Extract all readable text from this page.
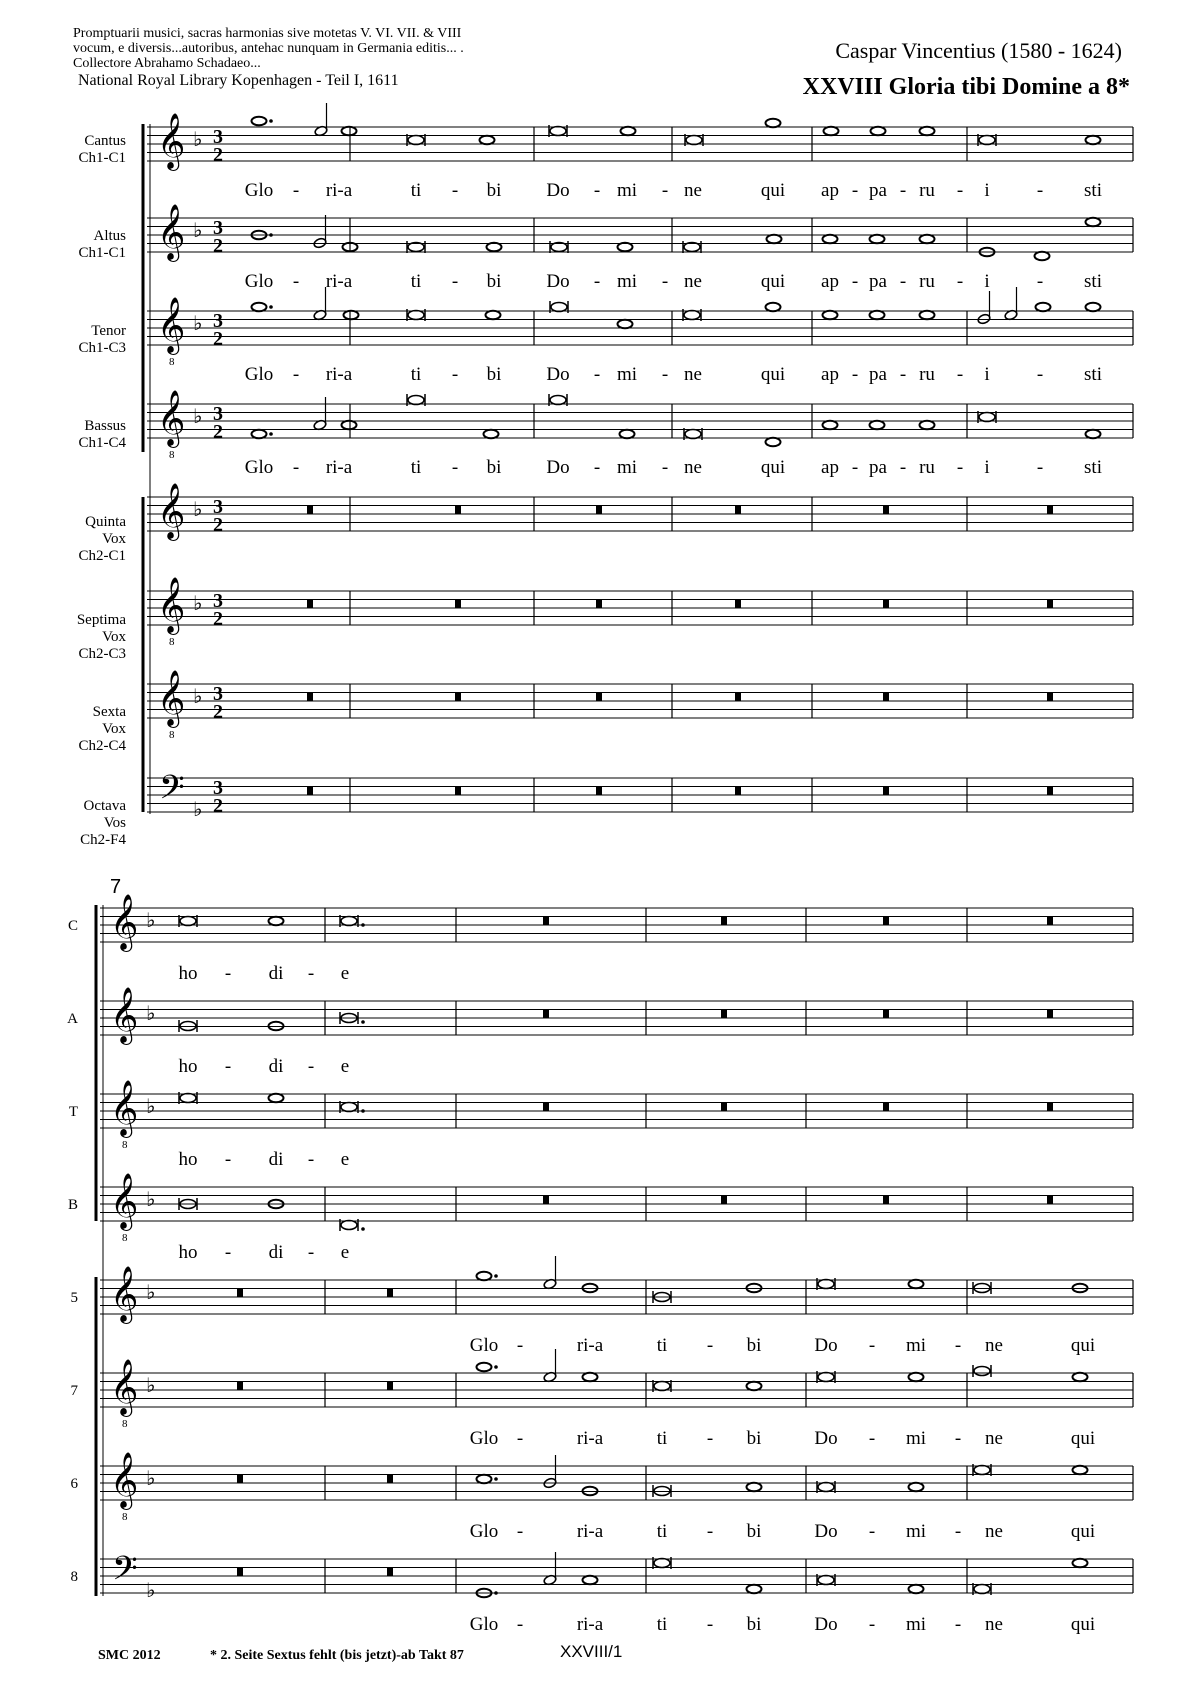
Promptuarii musici, sacras harmonias sive motetas V. VI. VII. & VIII
vocum, e diversis...autoribus, antehac nunquam in Germania editis... .
Collectore Abrahamo Schadaeo...
National Royal Library Kopenhagen - Teil I, 1611
Caspar Vincentius (1580 - 1624)
XXVIII Gloria tibi Domine a 8*
Cantus
Ch1-C1
Altus
Ch1-C1
Tenor
Ch1-C3
Bassus
Ch1-C4
Quinta
Vox
Ch2-C1
Septima
Vox
Ch2-C3
Sexta
Vox
Ch2-C4
Octava
Vos
Ch2-F4
C
A
T
B
5
7
6
8
𝄞 ♭ 3
2
𝄞 ♭ 3
2
𝄞
8
♭ 3
2
𝄞
8
♭ 3
2
𝄞 ♭ 3
2
𝄞
8
♭ 3
2
𝄞
8
♭ 3
2
𝄢 ♭
3
2
Glo - ri-a	ti - bi Do - mi - ne	qui ap - pa - ru - i - sti
Glo - ri-a	ti - bi Do - mi - ne	qui ap - pa - ru - i - sti
Glo - ri-a	ti - bi Do - mi - ne	qui ap - pa - ru - i - sti
Glo - ri-a	ti - bi Do - mi - ne	qui ap - pa - ru - i - sti
7
𝄞 ♭
𝄞 ♭
𝄞
8
♭
𝄞
8
♭
𝄞 ♭
𝄞
8
♭
𝄞
8
♭
𝄢 ♭
ho - di - e
ho - di - e
ho - di - e
ho - di - e
Glo -	ri-a	ti - bi	Do - mi - ne	qui
Glo -	ri-a	ti - bi	Do - mi - ne	qui
Glo -	ri-a	ti - bi	Do - mi - ne	qui
Glo -	ri-a	ti - bi	Do - mi - ne	qui
SMC 2012	* 2. Seite Sextus fehlt (bis jetzt)-ab Takt 87	XXVIII/1
